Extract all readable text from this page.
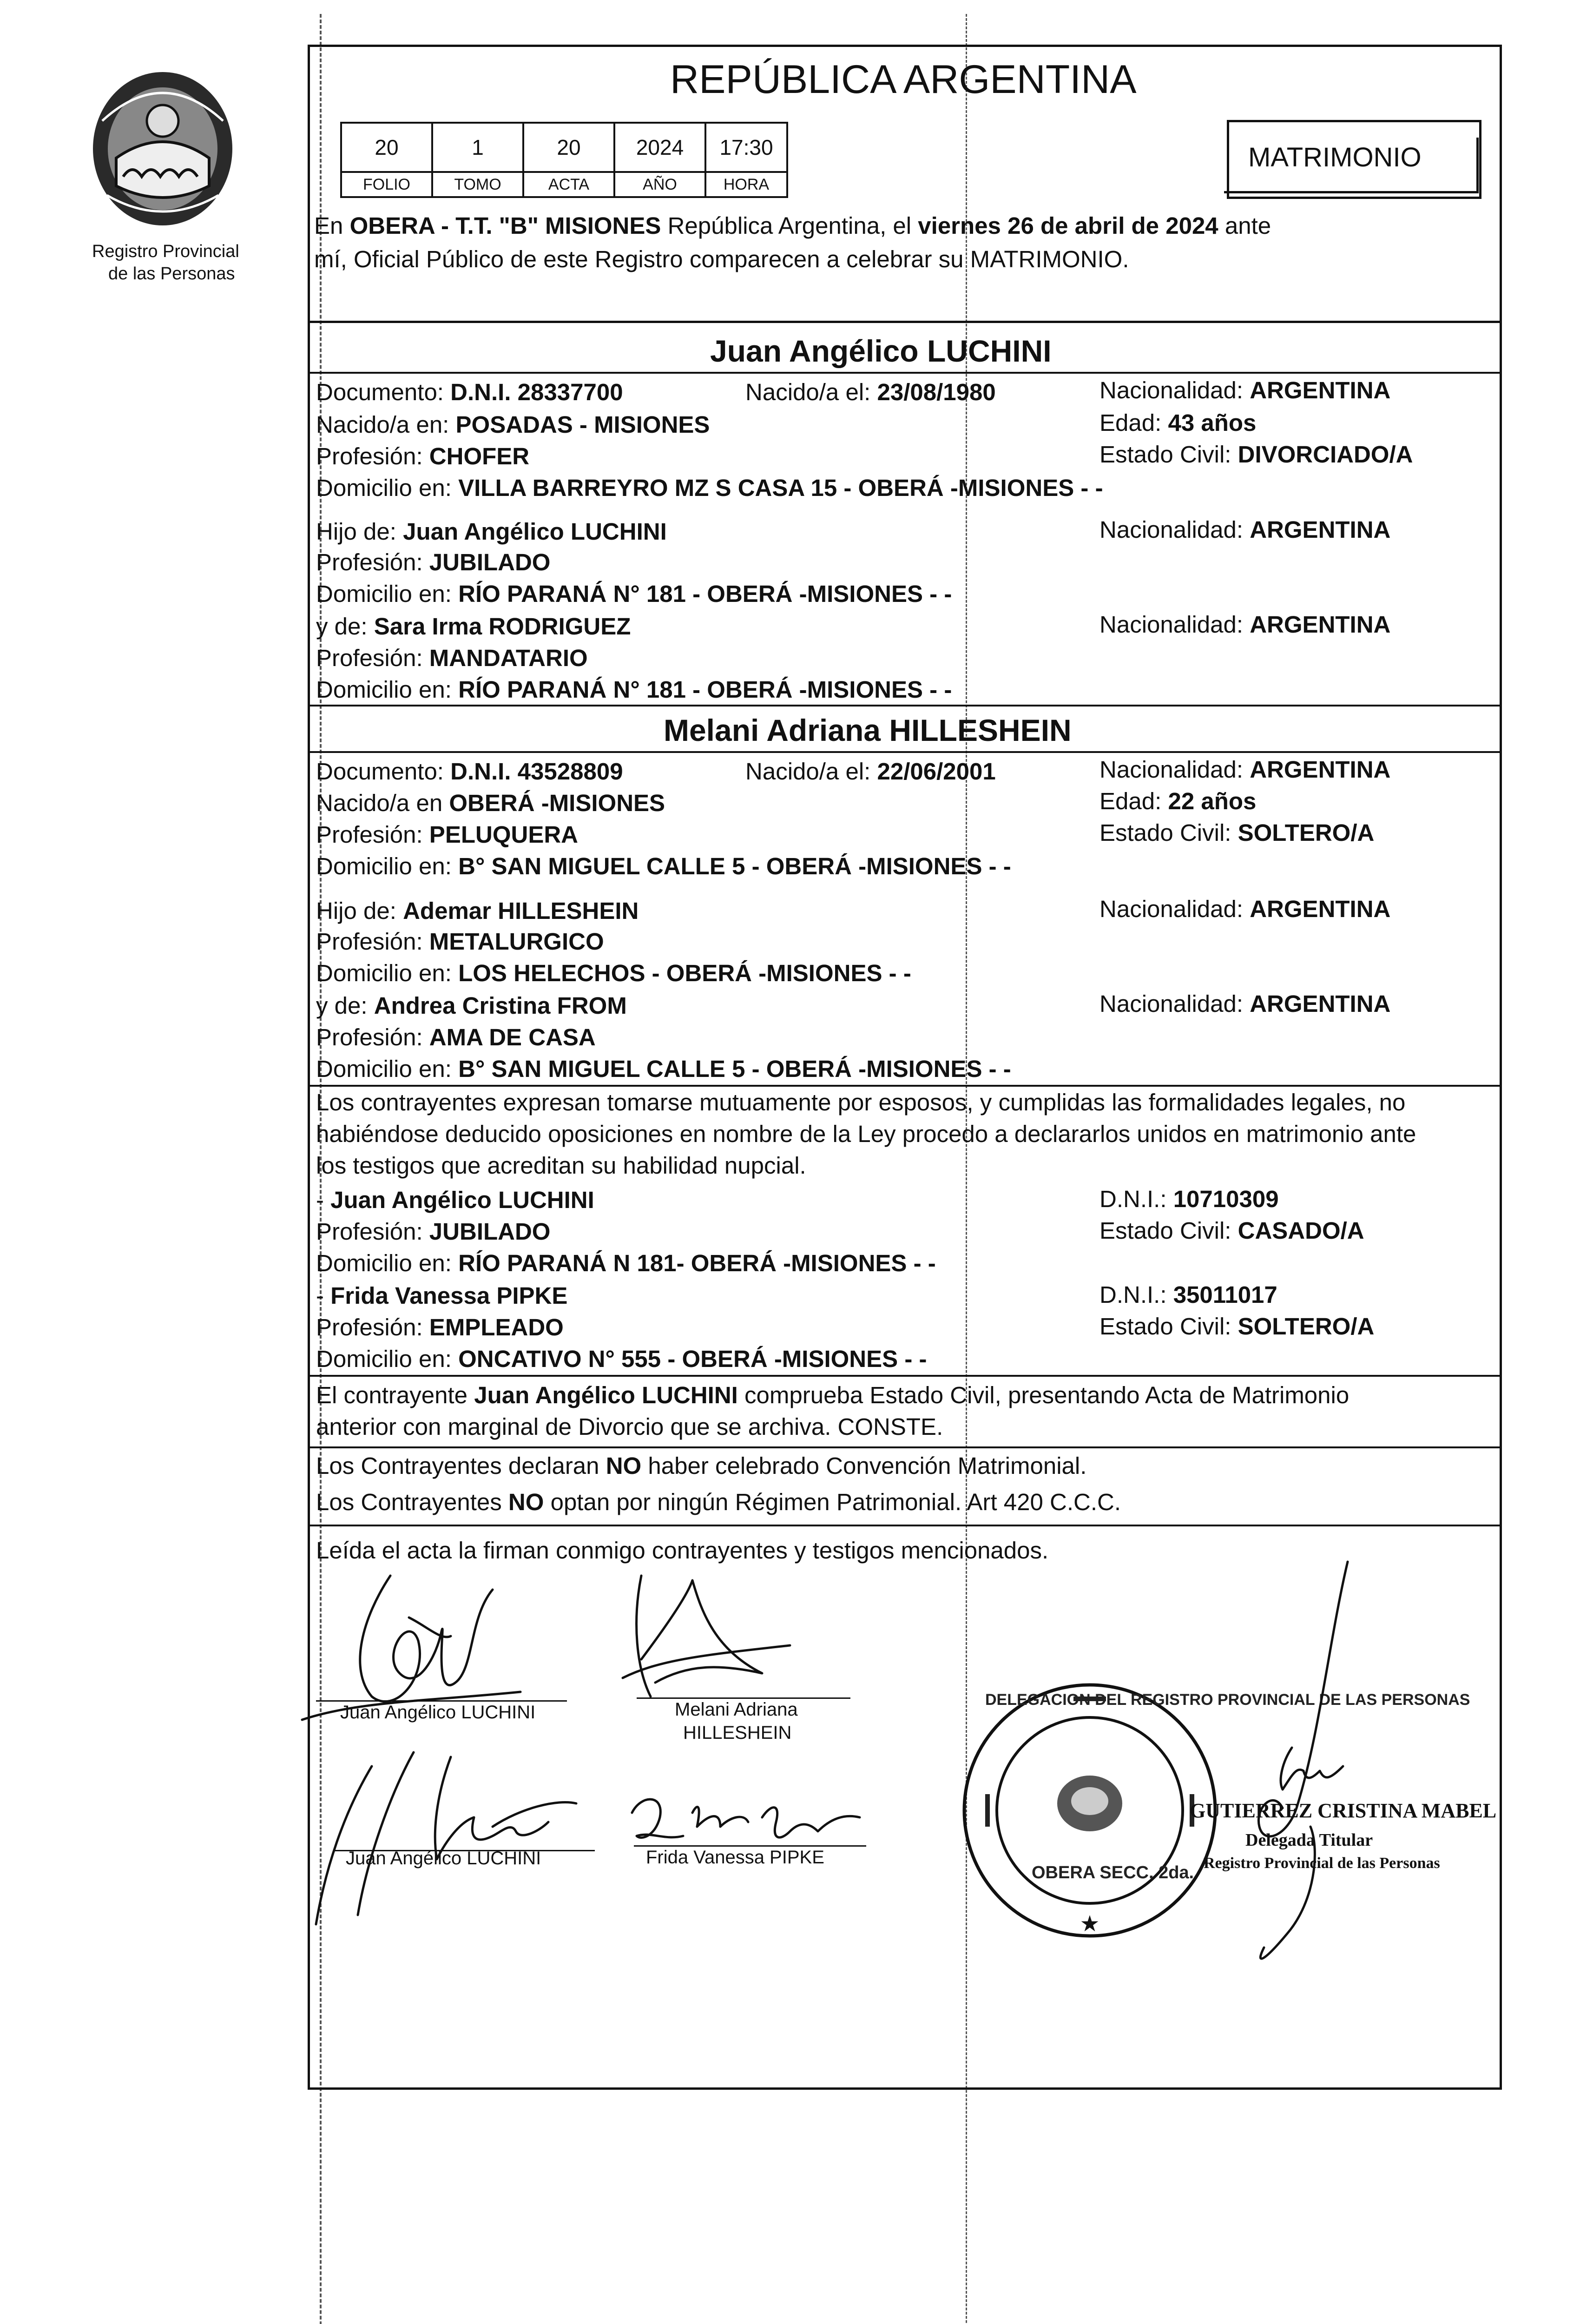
Registro Provincial
de las Personas
REPÚBLICA ARGENTINA
20	1	20	2024	17:30
FOLIO	TOMO	ACTA	AÑO	HORA
MATRIMONIO
En OBERA - T.T. "B" MISIONES República Argentina, el viernes 26 de abril de 2024 ante
mí, Oficial Público de este Registro comparecen a celebrar su MATRIMONIO.
Juan Angélico LUCHINI
Documento: D.N.I. 28337700	Nacido/a el: 23/08/1980	Nacionalidad: ARGENTINA
Nacido/a en: POSADAS - MISIONES	Edad: 43 años
Profesión: CHOFER	Estado Civil: DIVORCIADO/A
Domicilio en: VILLA BARREYRO MZ S CASA 15 - OBERÁ -MISIONES - -
Hijo de: Juan Angélico LUCHINI	Nacionalidad: ARGENTINA
Profesión: JUBILADO
Domicilio en: RÍO PARANÁ N° 181 - OBERÁ -MISIONES - -
y de: Sara Irma RODRIGUEZ	Nacionalidad: ARGENTINA
Profesión: MANDATARIO
Domicilio en: RÍO PARANÁ N° 181 - OBERÁ -MISIONES - -
Melani Adriana HILLESHEIN
Documento: D.N.I. 43528809	Nacido/a el: 22/06/2001	Nacionalidad: ARGENTINA
Nacido/a en OBERÁ -MISIONES	Edad: 22 años
Profesión: PELUQUERA	Estado Civil: SOLTERO/A
Domicilio en: B° SAN MIGUEL CALLE 5 - OBERÁ -MISIONES - -
Hijo de: Ademar HILLESHEIN	Nacionalidad: ARGENTINA
Profesión: METALURGICO
Domicilio en: LOS HELECHOS - OBERÁ -MISIONES - -
y de: Andrea Cristina FROM	Nacionalidad: ARGENTINA
Profesión: AMA DE CASA
Domicilio en: B° SAN MIGUEL CALLE 5 - OBERÁ -MISIONES - -
Los contrayentes expresan tomarse mutuamente por esposos, y cumplidas las formalidades legales, no
habiéndose deducido oposiciones en nombre de la Ley procedo a declararlos unidos en matrimonio ante
los testigos que acreditan su habilidad nupcial.
- Juan Angélico LUCHINI	D.N.I.: 10710309
Profesión: JUBILADO	Estado Civil: CASADO/A
Domicilio en: RÍO PARANÁ N 181- OBERÁ -MISIONES - -
- Frida Vanessa PIPKE	D.N.I.: 35011017
Profesión: EMPLEADO	Estado Civil: SOLTERO/A
Domicilio en: ONCATIVO N° 555 - OBERÁ -MISIONES - -
El contrayente Juan Angélico LUCHINI comprueba Estado Civil, presentando Acta de Matrimonio
anterior con marginal de Divorcio que se archiva. CONSTE.
Los Contrayentes declaran NO haber celebrado Convención Matrimonial.
Los Contrayentes NO optan por ningún Régimen Patrimonial. Art 420 C.C.C.
Leída el acta la firman conmigo contrayentes y testigos mencionados.
Juan Angélico LUCHINI	Melani Adriana
HILLESHEIN
Juan Angélico LUCHINI	Frida Vanessa PIPKE
★
DELEGACION DEL REGISTRO PROVINCIAL DE LAS PERSONAS
OBERA SECC. 2da.
GUTIERREZ CRISTINA MABEL
Delegada Titular
Registro Provincial de las Personas
